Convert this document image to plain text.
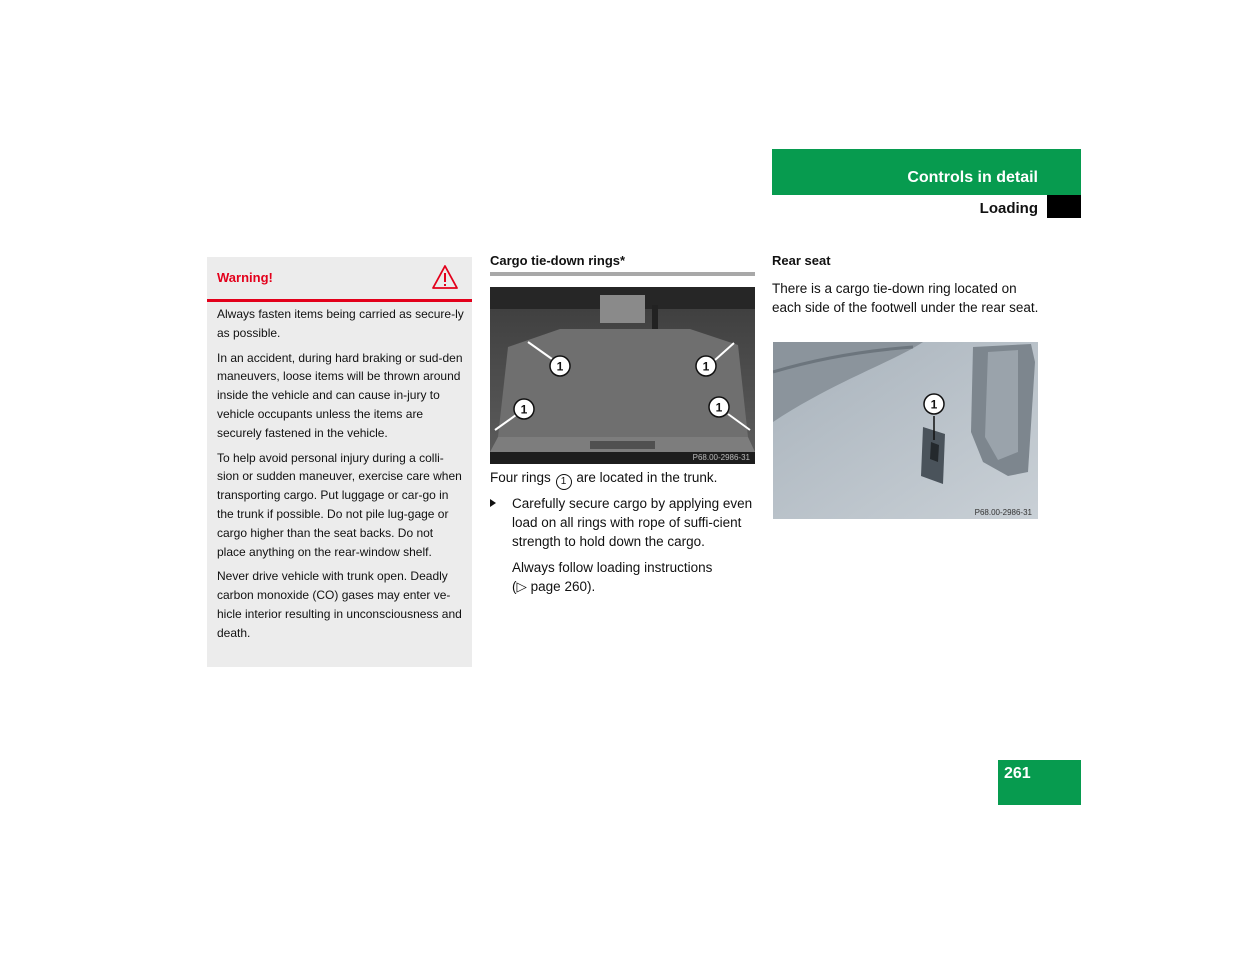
Controls in detail
Loading
Warning!

Always fasten items being carried as secure-ly as possible.

In an accident, during hard braking or sud-den maneuvers, loose items will be thrown around inside the vehicle and can cause in-jury to vehicle occupants unless the items are securely fastened in the vehicle.

To help avoid personal injury during a colli-sion or sudden maneuver, exercise care when transporting cargo. Put luggage or car-go in the trunk if possible. Do not pile lug-gage or cargo higher than the seat backs. Do not place anything on the rear-window shelf.

Never drive vehicle with trunk open. Deadly carbon monoxide (CO) gases may enter ve-hicle interior resulting in unconsciousness and death.

Cargo tie-down rings*
1	1
1	1
P68.00-2986-31
Four rings 1 are located in the trunk.
Carefully secure cargo by applying even load on all rings with rope of suffi-cient strength to hold down the cargo.
Always follow loading instructions
(▷ page 260).
Rear seat
There is a cargo tie-down ring located on each side of the footwell under the rear seat.
1
P68.00-2986-31
261
